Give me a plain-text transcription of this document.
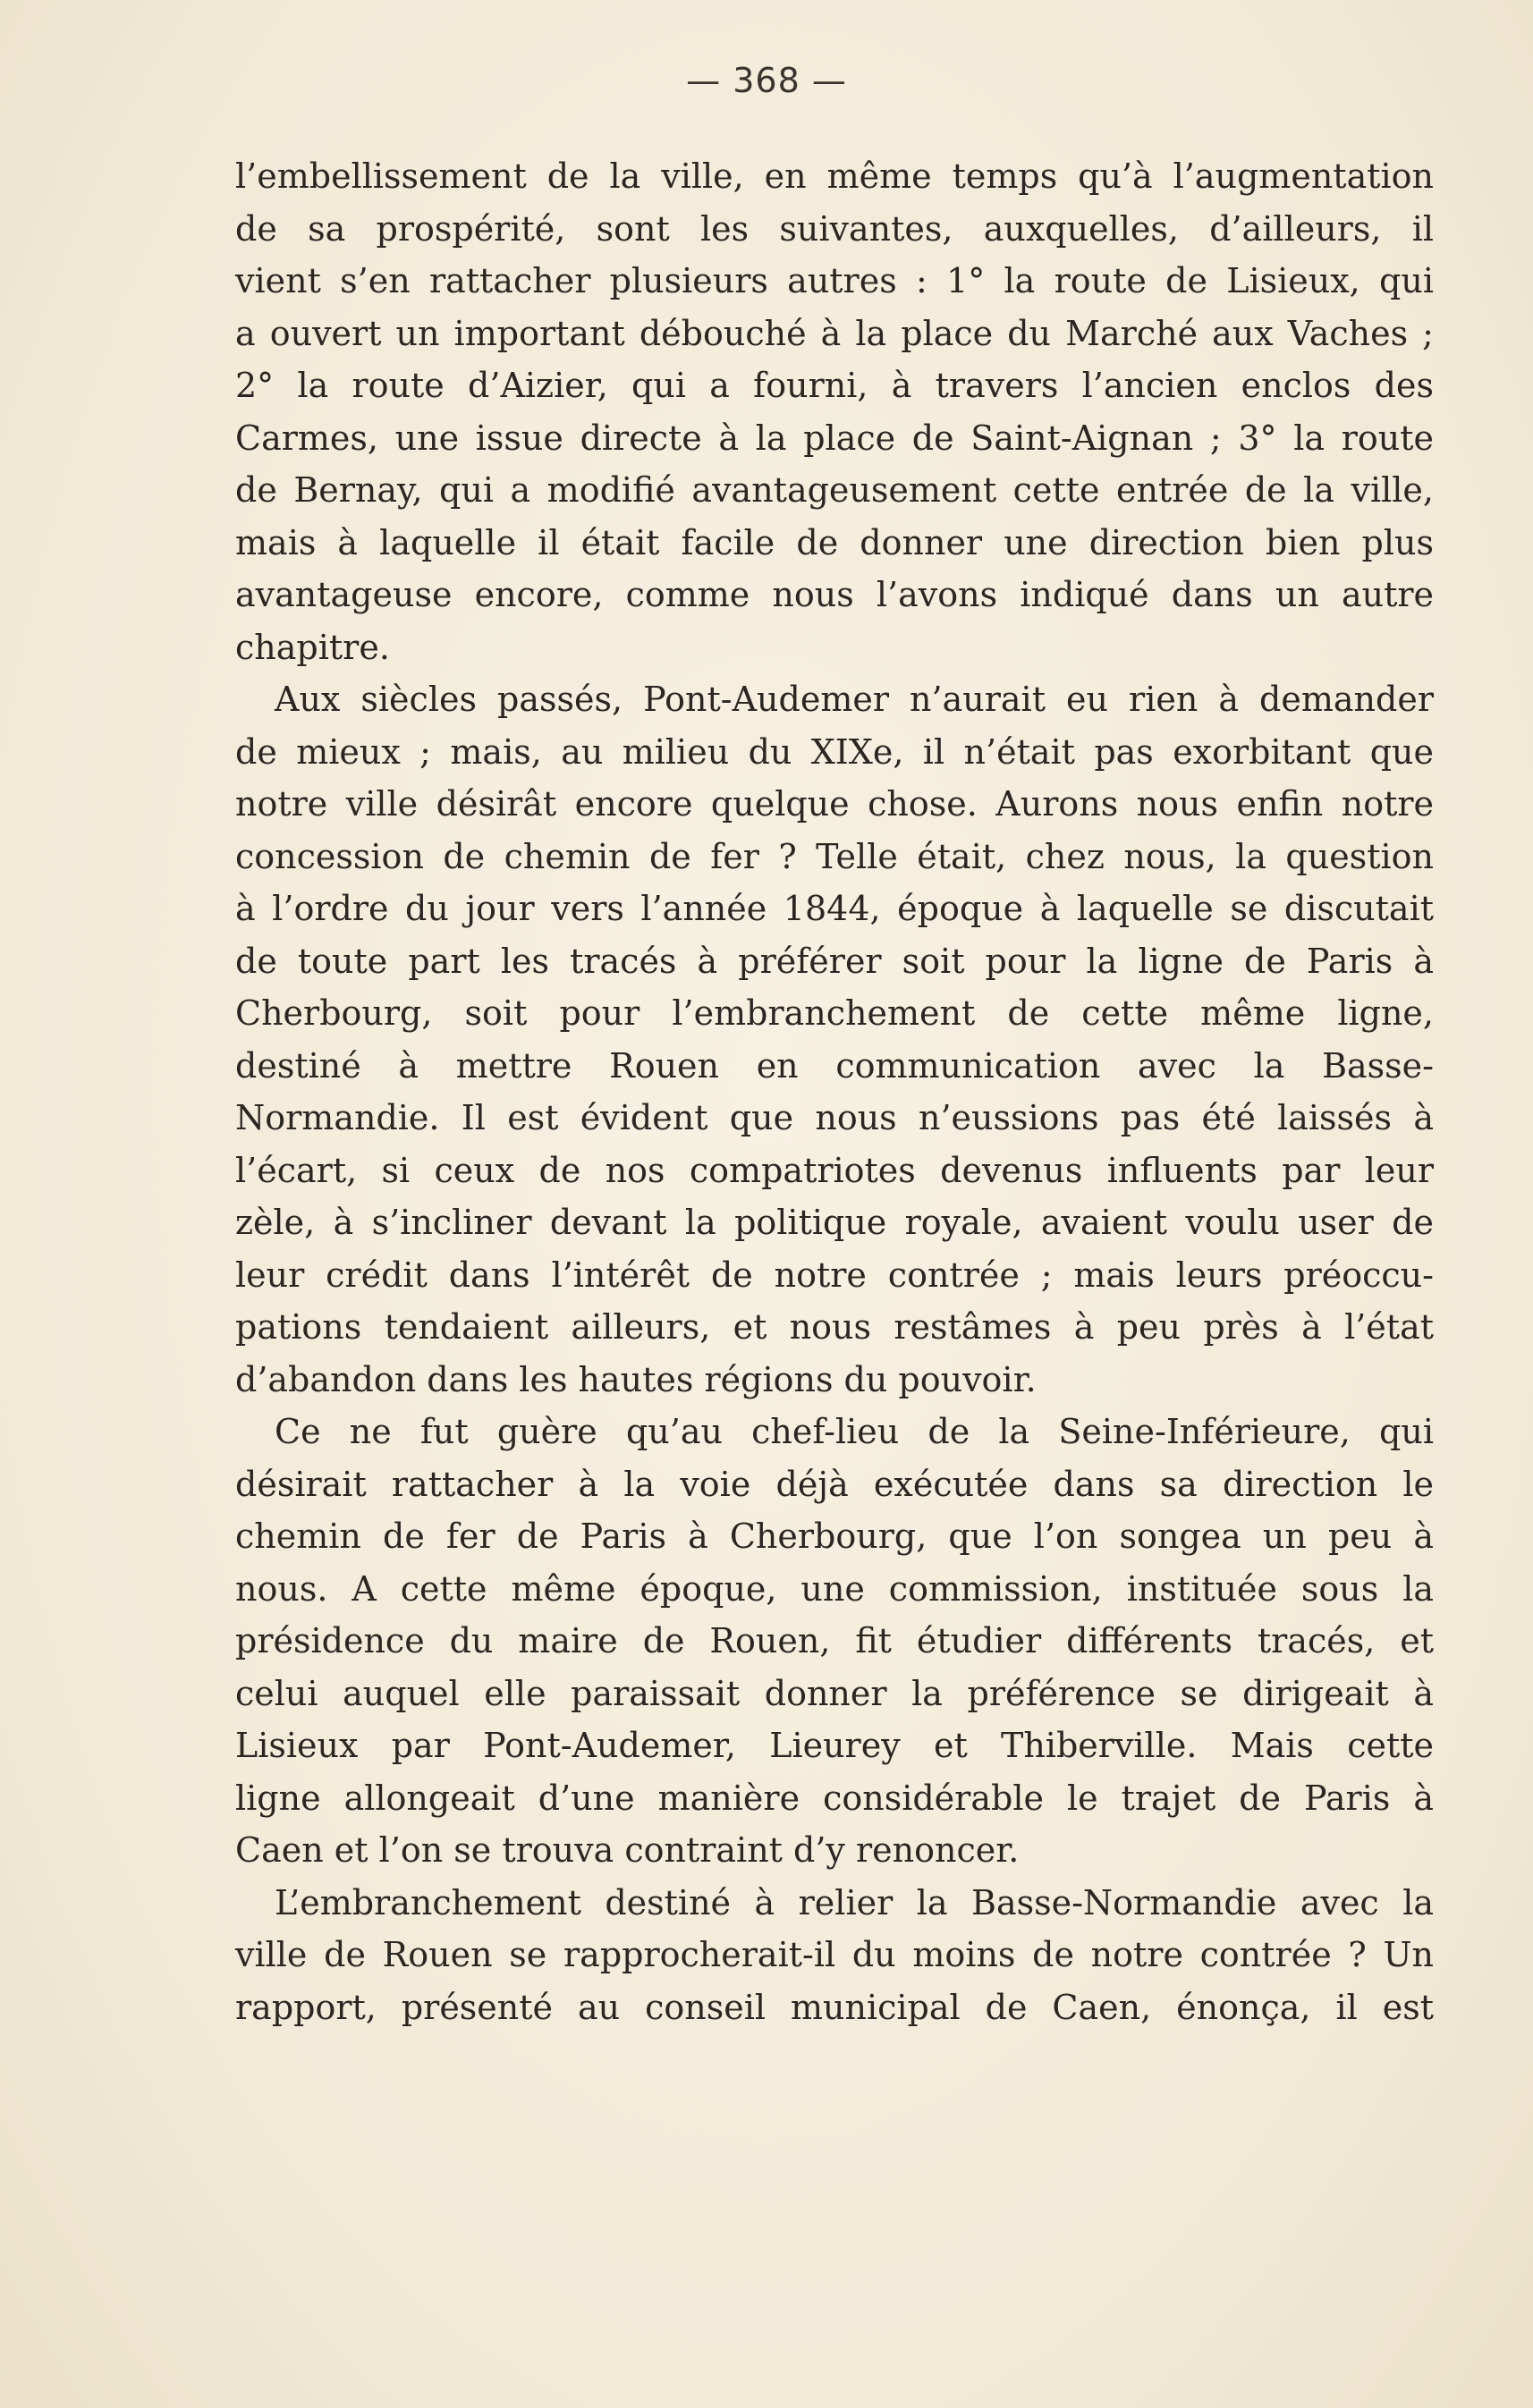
— 368 —
l’embellissement de la ville, en même temps qu’à l’augmentation
de sa prospérité, sont les suivantes, auxquelles, d’ailleurs, il
vient s’en rattacher plusieurs autres : 1° la route de Lisieux, qui
a ouvert un important débouché à la place du Marché aux Vaches ;
2° la route d’Aizier, qui a fourni, à travers l’ancien enclos des
Carmes, une issue directe à la place de Saint-Aignan ; 3° la route
de Bernay, qui a modifié avantageusement cette entrée de la ville,
mais à laquelle il était facile de donner une direction bien plus
avantageuse encore, comme nous l’avons indiqué dans un autre
chapitre.
Aux siècles passés, Pont-Audemer n’aurait eu rien à demander
de mieux ; mais, au milieu du XIXe, il n’était pas exorbitant que
notre ville désirât encore quelque chose. Aurons nous enfin notre
concession de chemin de fer ? Telle était, chez nous, la question
à l’ordre du jour vers l’année 1844, époque à laquelle se discutait
de toute part les tracés à préférer soit pour la ligne de Paris à
Cherbourg, soit pour l’embranchement de cette même ligne,
destiné à mettre Rouen en communication avec la Basse-
Normandie. Il est évident que nous n’eussions pas été laissés à
l’écart, si ceux de nos compatriotes devenus influents par leur
zèle, à s’incliner devant la politique royale, avaient voulu user de
leur crédit dans l’intérêt de notre contrée ; mais leurs préoccu-
pations tendaient ailleurs, et nous restâmes à peu près à l’état
d’abandon dans les hautes régions du pouvoir.
Ce ne fut guère qu’au chef-lieu de la Seine-Inférieure, qui
désirait rattacher à la voie déjà exécutée dans sa direction le
chemin de fer de Paris à Cherbourg, que l’on songea un peu à
nous. A cette même époque, une commission, instituée sous la
présidence du maire de Rouen, fit étudier différents tracés, et
celui auquel elle paraissait donner la préférence se dirigeait à
Lisieux par Pont-Audemer, Lieurey et Thiberville. Mais cette
ligne allongeait d’une manière considérable le trajet de Paris à
Caen et l’on se trouva contraint d’y renoncer.
L’embranchement destiné à relier la Basse-Normandie avec la
ville de Rouen se rapprocherait-il du moins de notre contrée ? Un
rapport, présenté au conseil municipal de Caen, énonça, il est
